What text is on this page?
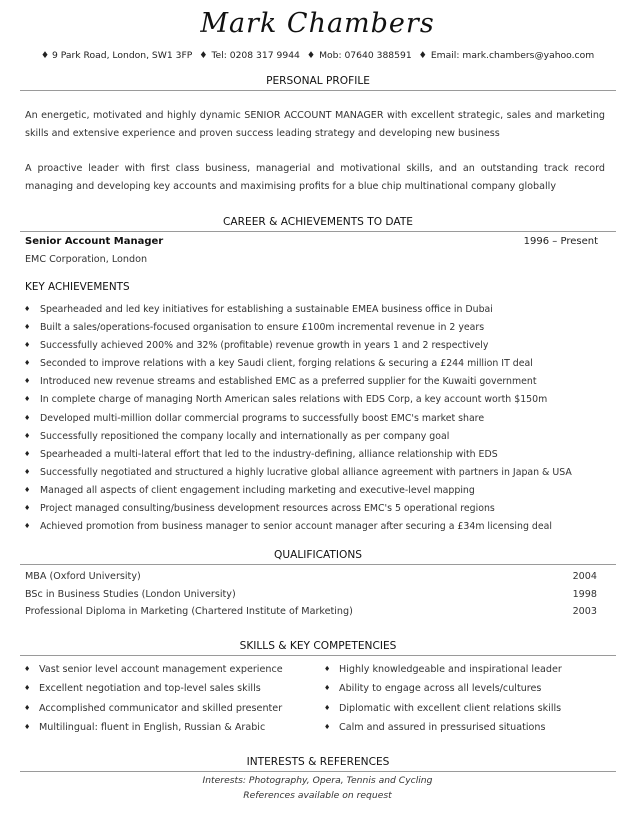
Mark Chambers
♦ 9 Park Road, London, SW1 3FP ♦ Tel: 0208 317 9944 ♦ Mob: 07640 388591 ♦ Email: mark.chambers@yahoo.com
PERSONAL PROFILE
An energetic, motivated and highly dynamic SENIOR ACCOUNT MANAGER with excellent strategic, sales and marketing skills and extensive experience and proven success leading strategy and developing new business
A proactive leader with first class business, managerial and motivational skills, and an outstanding track record managing and developing key accounts and maximising profits for a blue chip multinational company globally
CAREER & ACHIEVEMENTS TO DATE
Senior Account Manager	1996 – Present
EMC Corporation, London
KEY ACHIEVEMENTS
♦ Spearheaded and led key initiatives for establishing a sustainable EMEA business office in Dubai
♦ Built a sales/operations-focused organisation to ensure £100m incremental revenue in 2 years
♦ Successfully achieved 200% and 32% (profitable) revenue growth in years 1 and 2 respectively
♦ Seconded to improve relations with a key Saudi client, forging relations & securing a £244 million IT deal
♦ Introduced new revenue streams and established EMC as a preferred supplier for the Kuwaiti government
♦ In complete charge of managing North American sales relations with EDS Corp, a key account worth $150m
♦ Developed multi-million dollar commercial programs to successfully boost EMC's market share
♦ Successfully repositioned the company locally and internationally as per company goal
♦ Spearheaded a multi-lateral effort that led to the industry-defining, alliance relationship with EDS
♦ Successfully negotiated and structured a highly lucrative global alliance agreement with partners in Japan & USA
♦ Managed all aspects of client engagement including marketing and executive-level mapping
♦ Project managed consulting/business development resources across EMC's 5 operational regions
♦ Achieved promotion from business manager to senior account manager after securing a £34m licensing deal
QUALIFICATIONS
MBA (Oxford University)	2004
BSc in Business Studies (London University)	1998
Professional Diploma in Marketing (Chartered Institute of Marketing)	2003
SKILLS & KEY COMPETENCIES
♦ Vast senior level account management experience
♦ Excellent negotiation and top-level sales skills
♦ Accomplished communicator and skilled presenter
♦ Multilingual: fluent in English, Russian & Arabic
♦ Highly knowledgeable and inspirational leader
♦ Ability to engage across all levels/cultures
♦ Diplomatic with excellent client relations skills
♦ Calm and assured in pressurised situations
INTERESTS & REFERENCES
Interests: Photography, Opera, Tennis and Cycling
References available on request
